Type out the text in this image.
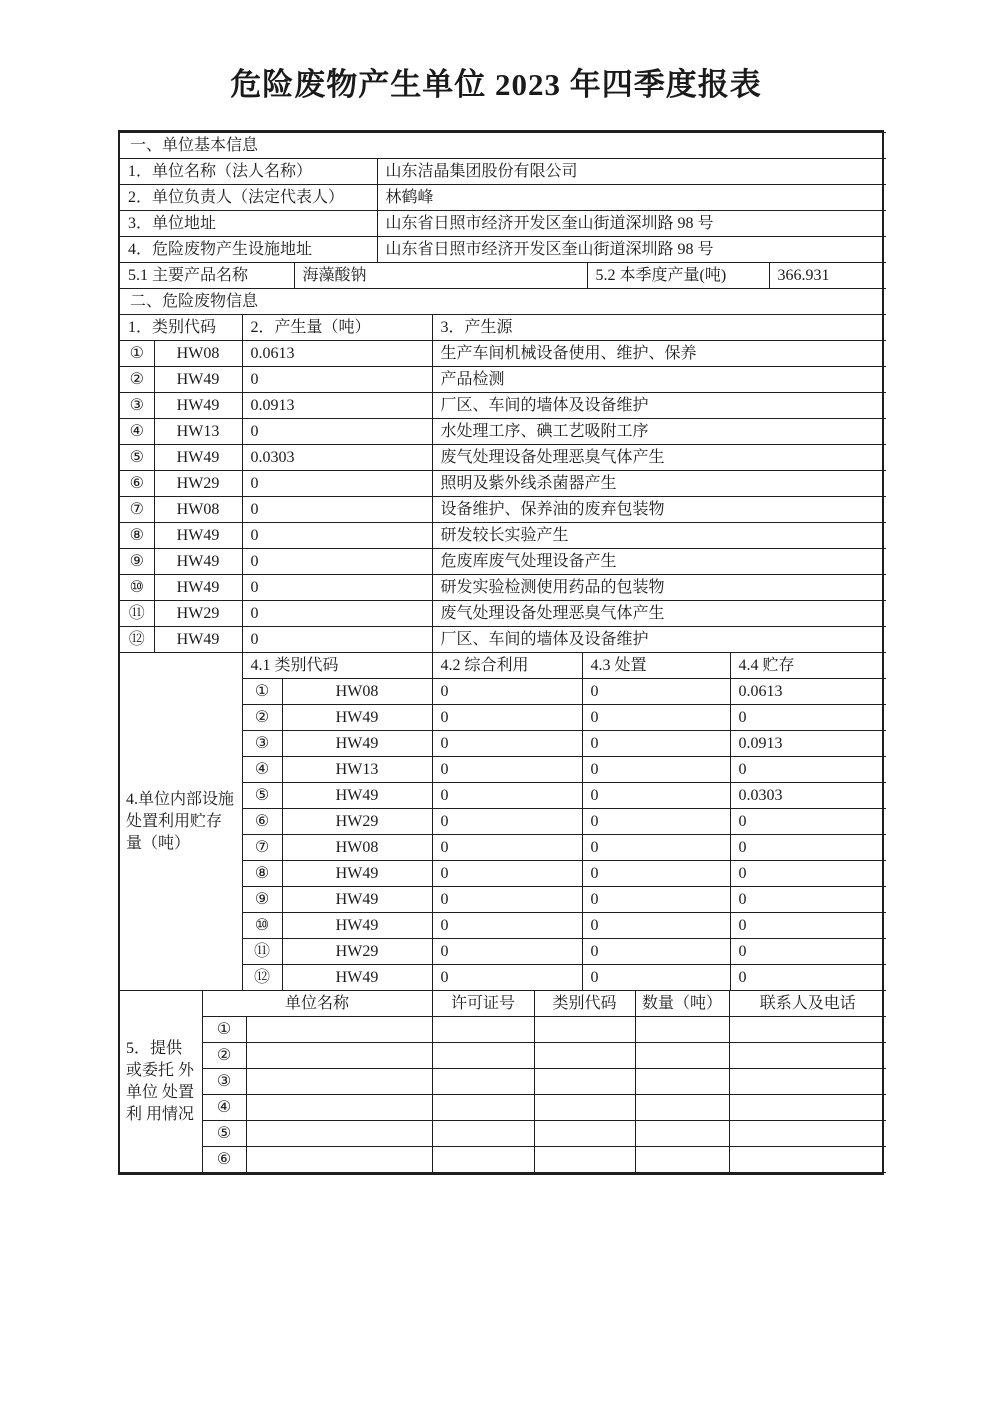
危险废物产生单位 2023 年四季度报表
一、单位基本信息				
1．单位名称（法人名称）		山东洁晶集团股份有限公司		
2．单位负责人（法定代表人）		林鹤峰		
3．单位地址		山东省日照市经济开发区奎山街道深圳路 98 号		
4．危险废物产生设施地址		山东省日照市经济开发区奎山街道深圳路 98 号		
5.1 主要产品名称	海藻酸钠		5.2 本季度产量(吨)	366.931
二、危险废物信息				
1．类别代码		2．产生量（吨）	3．产生源
①	HW08	0.0613	生产车间机械设备使用、维护、保养
②	HW49	0	产品检测
③	HW49	0.0913	厂区、车间的墙体及设备维护
④	HW13	0	水处理工序、碘工艺吸附工序
⑤	HW49	0.0303	废气处理设备处理恶臭气体产生
⑥	HW29	0	照明及紫外线杀菌器产生
⑦	HW08	0	设备维护、保养油的废弃包装物
⑧	HW49	0	研发较长实验产生
⑨	HW49	0	危废库废气处理设备产生
⑩	HW49	0	研发实验检测使用药品的包装物
⑪	HW29	0	废气处理设备处理恶臭气体产生
⑫	HW49	0	厂区、车间的墙体及设备维护
4.单位内部设施处置利用贮存量（吨）	4.1 类别代码		4.2 综合利用	4.3 处置	4.4 贮存
	①	HW08	0	0	0.0613
	②	HW49	0	0	0
	③	HW49	0	0	0.0913
	④	HW13	0	0	0
	⑤	HW49	0	0	0.0303
	⑥	HW29	0	0	0
	⑦	HW08	0	0	0
	⑧	HW49	0	0	0
	⑨	HW49	0	0	0
	⑩	HW49	0	0	0
	⑪	HW29	0	0	0
	⑫	HW49	0	0	0
5．提供 或委托 外单位 处置利 用情况	单位名称		许可证号	类别代码	数量（吨）	联系人及电话
	①					
	②					
	③					
	④					
	⑤					
	⑥					
